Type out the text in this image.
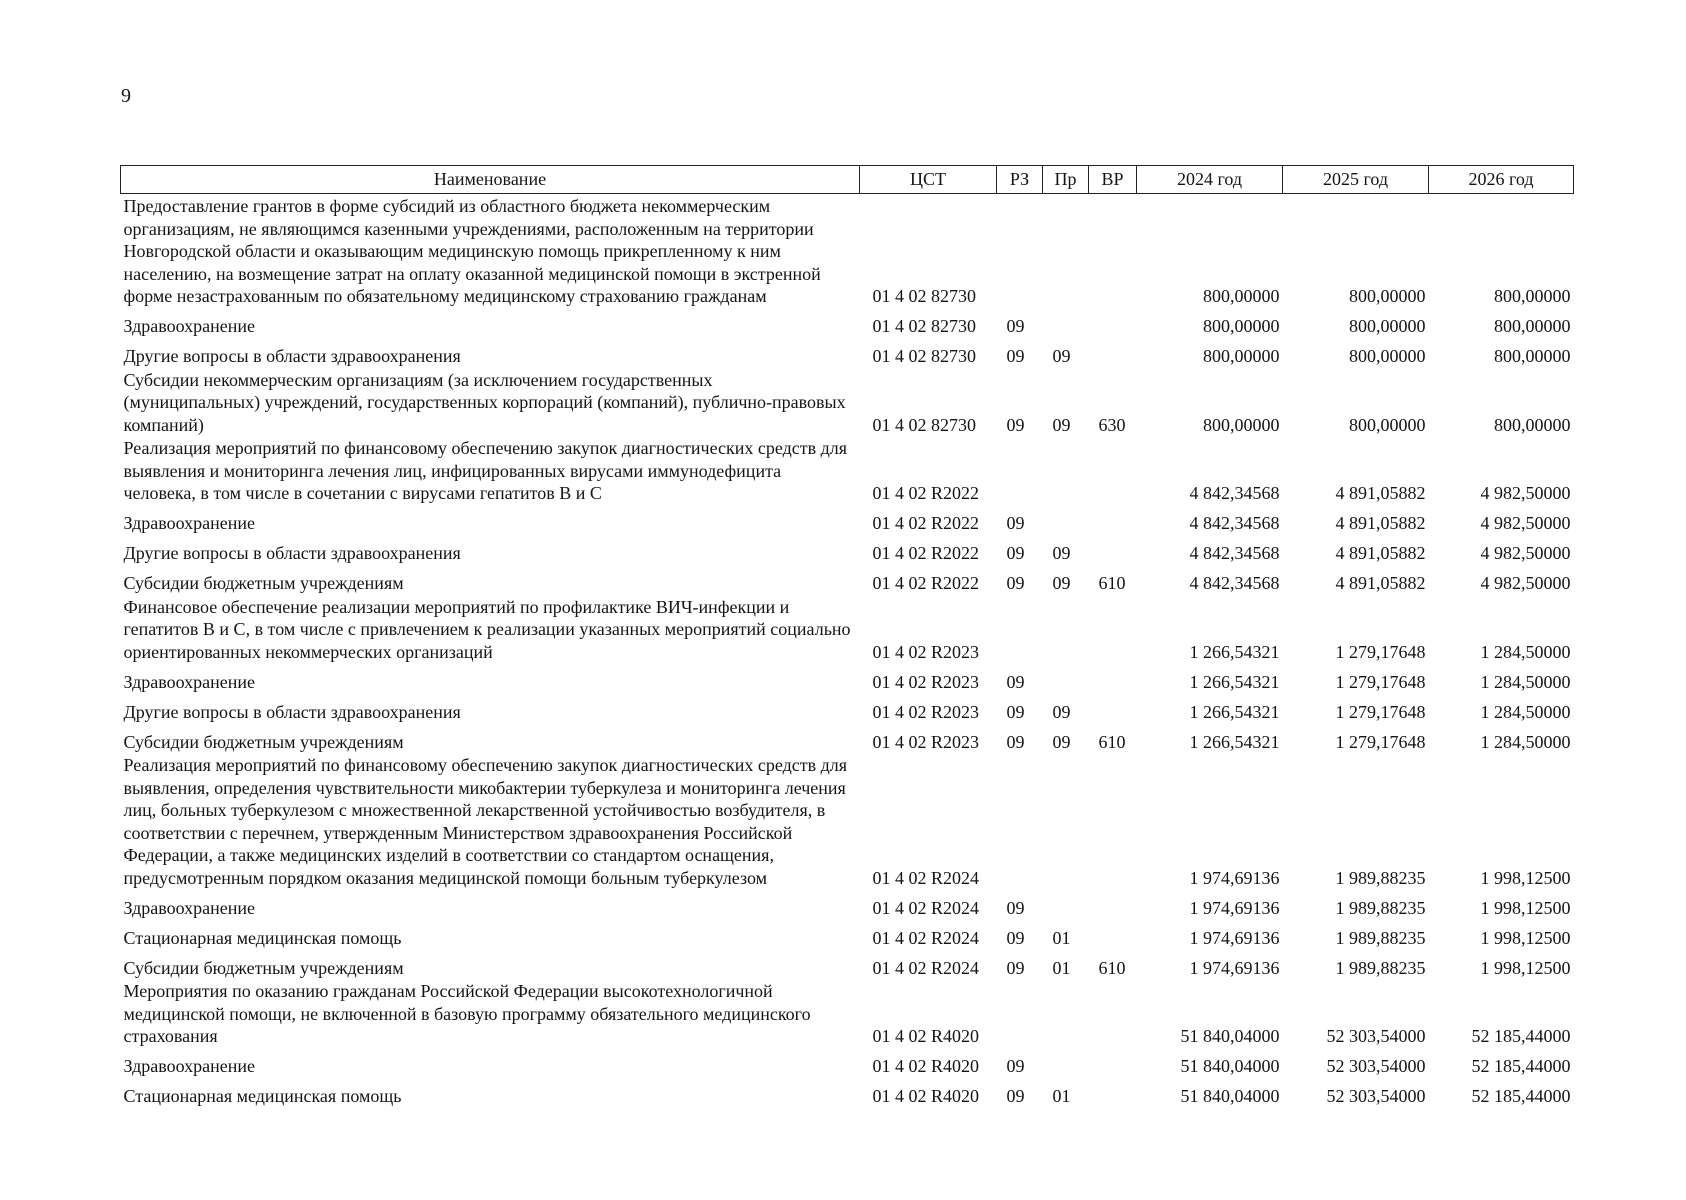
9
Наименование	ЦСТ	РЗ	Пр	ВР	2024 год	2025 год	2026 год
Предоставление грантов в форме субсидий из областного бюджета некоммерческим организациям, не являющимся казенными учреждениями, расположенным на территории Новгородской области и оказывающим медицинскую помощь прикрепленному к ним населению, на возмещение затрат на оплату оказанной медицинской помощи в экстренной форме незастрахованным по обязательному медицинскому страхованию гражданам	01 4 02 82730				800,00000	800,00000	800,00000
Здравоохранение	01 4 02 82730	09			800,00000	800,00000	800,00000
Другие вопросы в области здравоохранения	01 4 02 82730	09	09		800,00000	800,00000	800,00000
Субсидии некоммерческим организациям (за исключением государственных (муниципальных) учреждений, государственных корпораций (компаний), публично-правовых компаний)	01 4 02 82730	09	09	630	800,00000	800,00000	800,00000
Реализация мероприятий по финансовому обеспечению закупок диагностических средств для выявления и мониторинга лечения лиц, инфицированных вирусами иммунодефицита человека, в том числе в сочетании с вирусами гепатитов В и С	01 4 02 R2022				4 842,34568	4 891,05882	4 982,50000
Здравоохранение	01 4 02 R2022	09			4 842,34568	4 891,05882	4 982,50000
Другие вопросы в области здравоохранения	01 4 02 R2022	09	09		4 842,34568	4 891,05882	4 982,50000
Субсидии бюджетным учреждениям	01 4 02 R2022	09	09	610	4 842,34568	4 891,05882	4 982,50000
Финансовое обеспечение реализации мероприятий по профилактике ВИЧ-инфекции и гепатитов В и С, в том числе с привлечением к реализации указанных мероприятий социально ориентированных некоммерческих организаций	01 4 02 R2023				1 266,54321	1 279,17648	1 284,50000
Здравоохранение	01 4 02 R2023	09			1 266,54321	1 279,17648	1 284,50000
Другие вопросы в области здравоохранения	01 4 02 R2023	09	09		1 266,54321	1 279,17648	1 284,50000
Субсидии бюджетным учреждениям	01 4 02 R2023	09	09	610	1 266,54321	1 279,17648	1 284,50000
Реализация мероприятий по финансовому обеспечению закупок диагностических средств для выявления, определения чувствительности микобактерии туберкулеза и мониторинга лечения лиц, больных туберкулезом с множественной лекарственной устойчивостью возбудителя, в соответствии с перечнем, утвержденным Министерством здравоохранения Российской Федерации, а также медицинских изделий в соответствии со стандартом оснащения, предусмотренным порядком оказания медицинской помощи больным туберкулезом	01 4 02 R2024				1 974,69136	1 989,88235	1 998,12500
Здравоохранение	01 4 02 R2024	09			1 974,69136	1 989,88235	1 998,12500
Стационарная медицинская помощь	01 4 02 R2024	09	01		1 974,69136	1 989,88235	1 998,12500
Субсидии бюджетным учреждениям	01 4 02 R2024	09	01	610	1 974,69136	1 989,88235	1 998,12500
Мероприятия по оказанию гражданам Российской Федерации высокотехнологичной медицинской помощи, не включенной в базовую программу обязательного медицинского страхования	01 4 02 R4020				51 840,04000	52 303,54000	52 185,44000
Здравоохранение	01 4 02 R4020	09			51 840,04000	52 303,54000	52 185,44000
Стационарная медицинская помощь	01 4 02 R4020	09	01		51 840,04000	52 303,54000	52 185,44000
